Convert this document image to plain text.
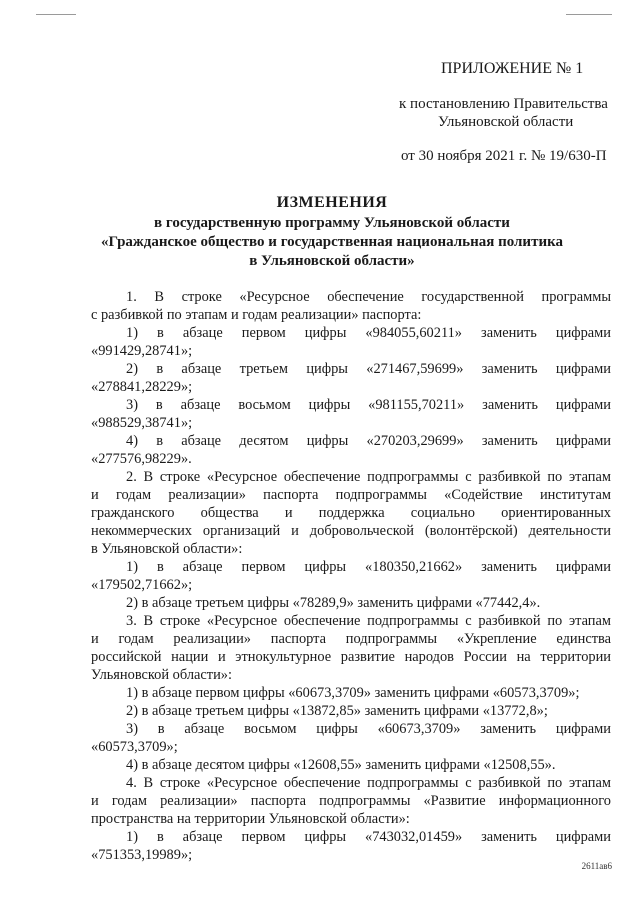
ПРИЛОЖЕНИЕ № 1
к постановлению Правительства
Ульяновской области
от 30 ноября 2021 г. № 19/630-П
ИЗМЕНЕНИЯ
в государственную программу Ульяновской области
«Гражданское общество и государственная национальная политика
в Ульяновской области»
1. В строке «Ресурсное обеспечение государственной программы
с разбивкой по этапам и годам реализации» паспорта:
1) в абзаце первом цифры «984055,60211» заменить цифрами
«991429,28741»;
2) в абзаце третьем цифры «271467,59699» заменить цифрами
«278841,28229»;
3) в абзаце восьмом цифры «981155,70211» заменить цифрами
«988529,38741»;
4) в абзаце десятом цифры «270203,29699» заменить цифрами
«277576,98229».
2. В строке «Ресурсное обеспечение подпрограммы с разбивкой по этапам
и годам реализации» паспорта подпрограммы «Содействие институтам
гражданского общества и поддержка социально ориентированных
некоммерческих организаций и добровольческой (волонтёрской) деятельности
в Ульяновской области»:
1) в абзаце первом цифры «180350,21662» заменить цифрами
«179502,71662»;
2) в абзаце третьем цифры «78289,9» заменить цифрами «77442,4».
3. В строке «Ресурсное обеспечение подпрограммы с разбивкой по этапам
и годам реализации» паспорта подпрограммы «Укрепление единства
российской нации и этнокультурное развитие народов России на территории
Ульяновской области»:
1) в абзаце первом цифры «60673,3709» заменить цифрами «60573,3709»;
2) в абзаце третьем цифры «13872,85» заменить цифрами «13772,8»;
3) в абзаце восьмом цифры «60673,3709» заменить цифрами
«60573,3709»;
4) в абзаце десятом цифры «12608,55» заменить цифрами «12508,55».
4. В строке «Ресурсное обеспечение подпрограммы с разбивкой по этапам
и годам реализации» паспорта подпрограммы «Развитие информационного
пространства на территории Ульяновской области»:
1) в абзаце первом цифры «743032,01459» заменить цифрами
«751353,19989»;
2611ав6
